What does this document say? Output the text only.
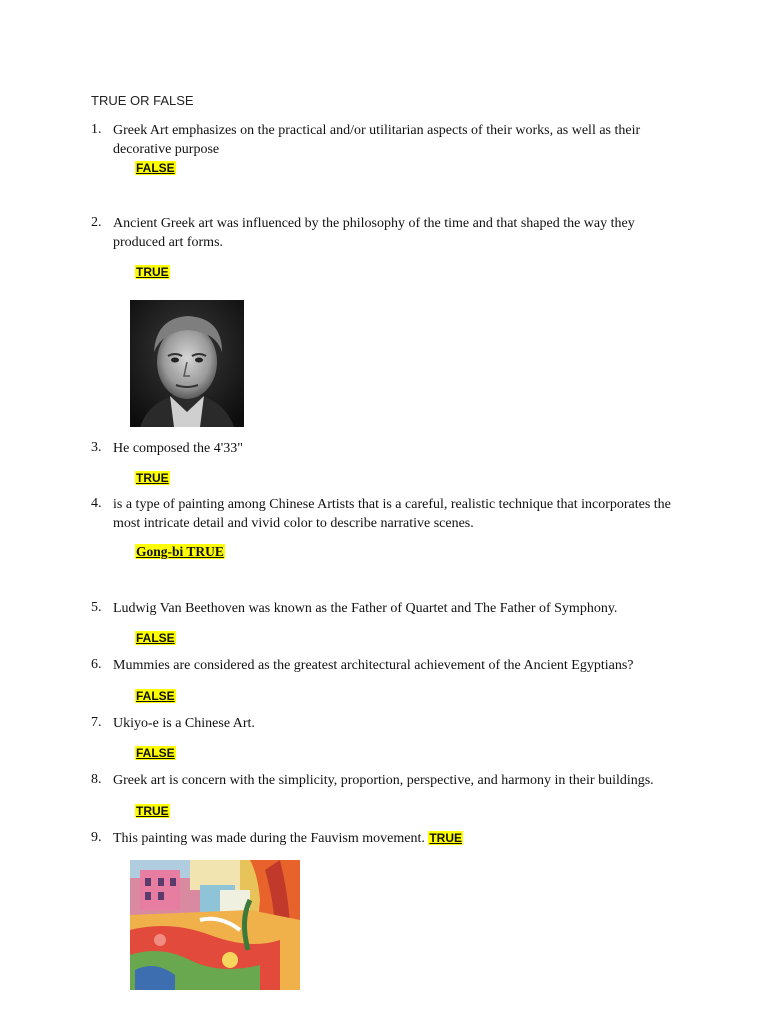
TRUE OR FALSE
1. Greek Art emphasizes on the practical and/or utilitarian aspects of their works, as well as their decorative purpose
FALSE
2. Ancient Greek art was influenced by the philosophy of the time and that shaped the way they produced art forms.
TRUE
3. He composed the 4'33"
TRUE
4. is a type of painting among Chinese Artists that is a careful, realistic technique that incorporates the most intricate detail and vivid color to describe narrative scenes.
Gong-bi TRUE
5. Ludwig Van Beethoven was known as the Father of Quartet and The Father of Symphony.
FALSE
6. Mummies are considered as the greatest architectural achievement of the Ancient Egyptians?
FALSE
7. Ukiyo-e is a Chinese Art.
FALSE
8. Greek art is concern with the simplicity, proportion, perspective, and harmony in their buildings.
TRUE
9. This painting was made during the Fauvism movement. TRUE
